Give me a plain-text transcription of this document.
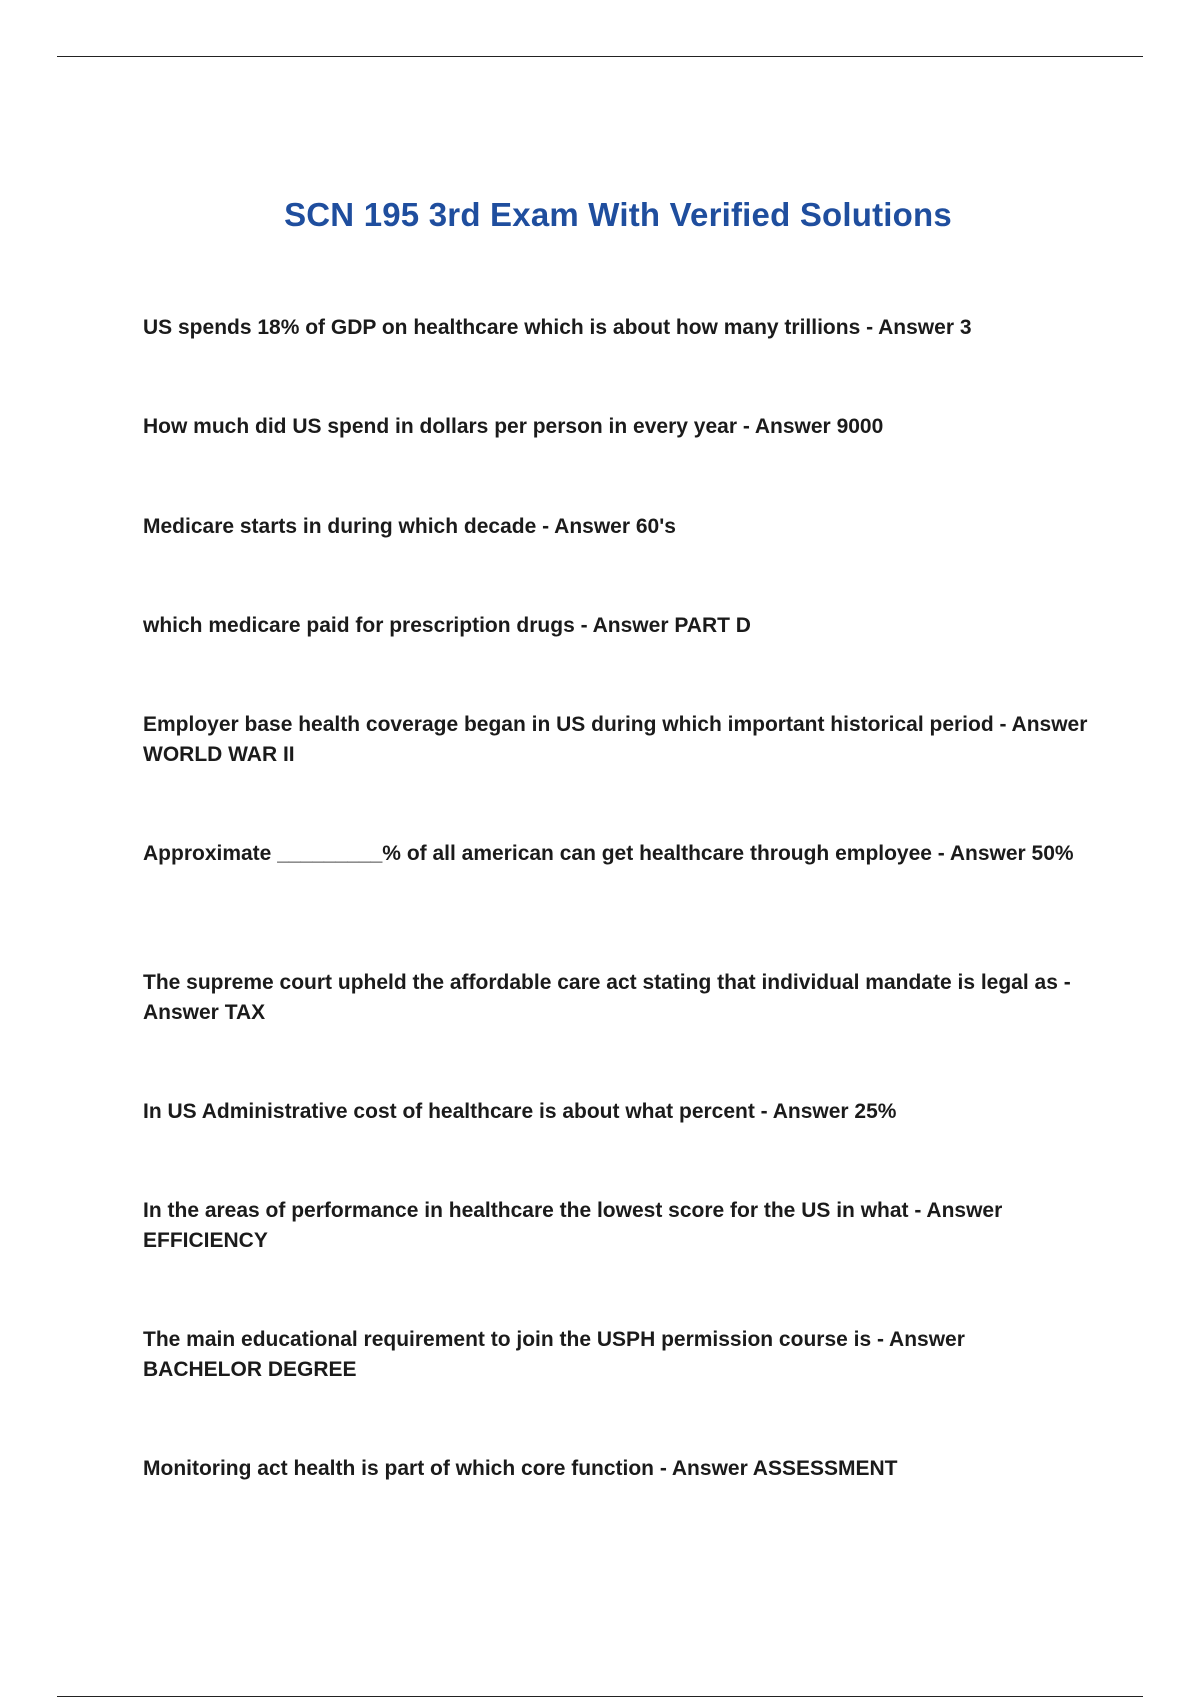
SCN 195 3rd Exam With Verified Solutions

US spends 18% of GDP on healthcare which is about how many trillions - Answer 3

How much did US spend in dollars per person in every year - Answer 9000

Medicare starts in during which decade - Answer 60's

which medicare paid for prescription drugs - Answer PART D

Employer base health coverage began in US during which important historical period - Answer WORLD WAR II

Approximate _________% of all american can get healthcare through employee - Answer 50%

The supreme court upheld the affordable care act stating that individual mandate is legal as - Answer TAX

In US Administrative cost of healthcare is about what percent - Answer 25%

In the areas of performance in healthcare the lowest score for the US in what - Answer EFFICIENCY

The main educational requirement to join the USPH permission course is - Answer BACHELOR DEGREE

Monitoring act health is part of which core function - Answer ASSESSMENT
